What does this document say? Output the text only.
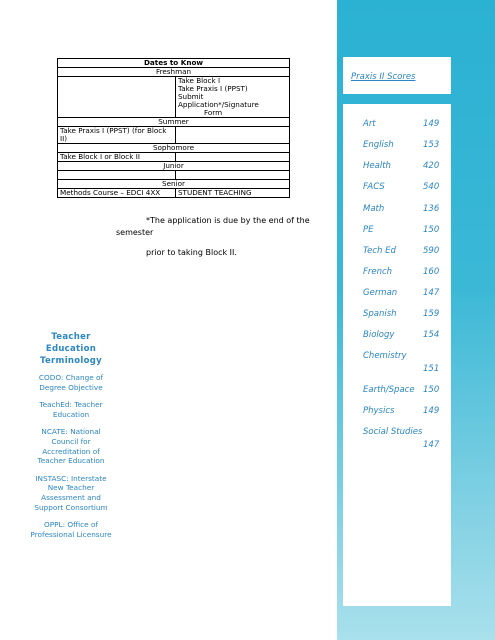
Dates to Know	
Freshman	

	Take Block I
Take Praxis I (PPST)
Submit
Application*/Signature
Form

Summer	
Take Praxis I (PPST) (for Block II)	
Sophomore	
Take Block I or Block II	
Junior	

Senior	
Methods Course – EDCI 4XX	STUDENT TEACHING
*The application is due by the end of the semester
prior to taking Block II.
Teacher Education Terminology
CODO: Change of Degree Objective
TeachEd: Teacher Education
NCATE: National Council for Accreditation of Teacher Education
INSTASC: Interstate New Teacher Assessment and Support Consortium
OPPL: Office of Professional Licensure
Praxis II Scores
Art	149
English	153
Health	420
FACS	540
Math	136
PE	150
Tech Ed	590
French	160
German	147
Spanish	159
Biology	154
Chemistry
151
Earth/Space 150
Physics	149
Social Studies
147
